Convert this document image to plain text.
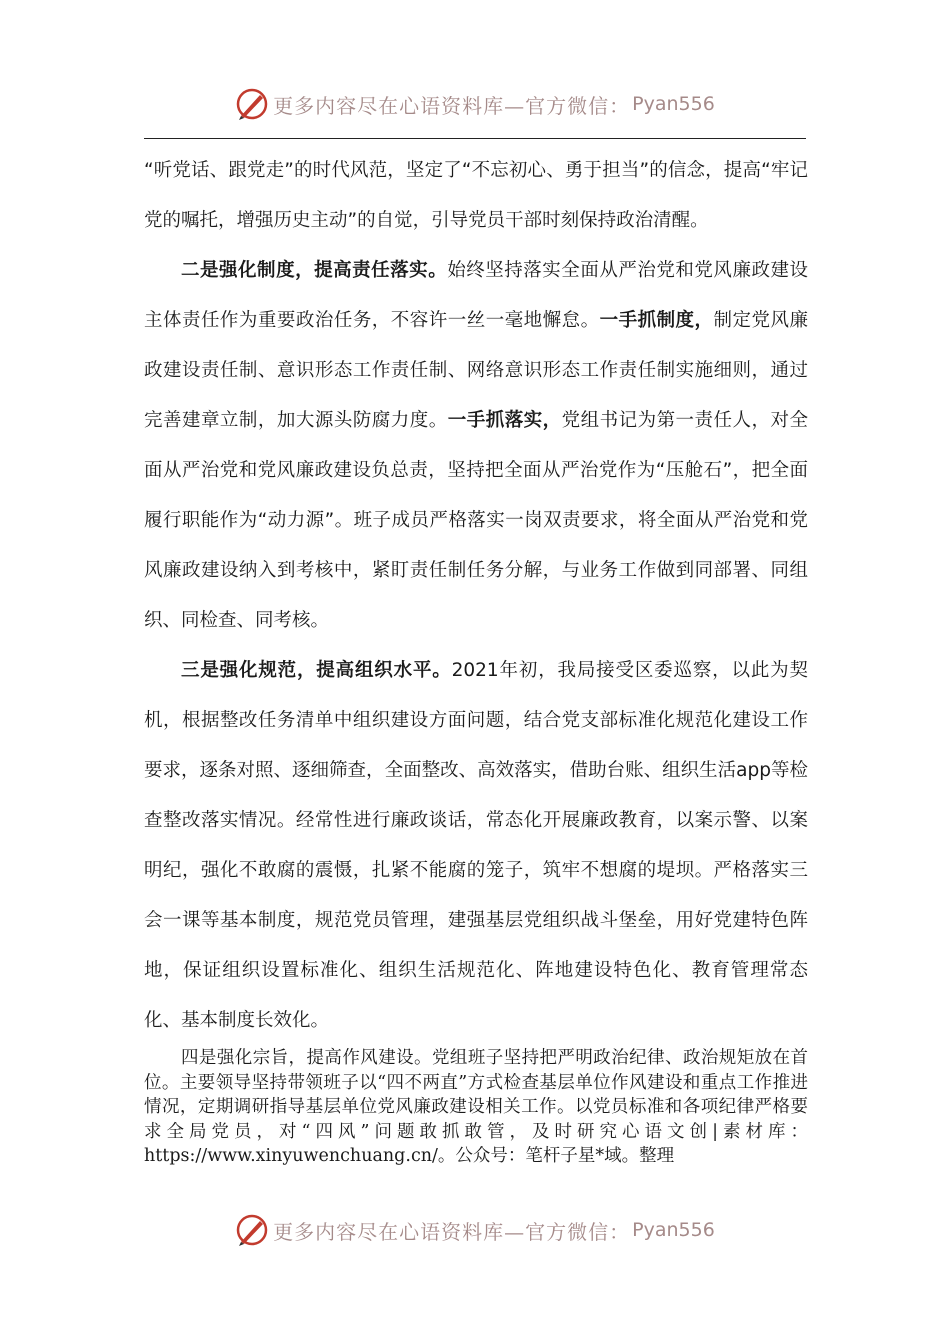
更多内容尽在心语资料库—官方微信： Pyan556

“听党话、跟党走”的时代风范，坚定了“不忘初心、勇于担当”的信念，提高“牢记党的嘱托，增强历史主动”的自觉，引导党员干部时刻保持政治清醒。

二是强化制度，提高责任落实。始终坚持落实全面从严治党和党风廉政建设主体责任作为重要政治任务，不容许一丝一毫地懈怠。一手抓制度，制定党风廉政建设责任制、意识形态工作责任制、网络意识形态工作责任制实施细则，通过完善建章立制，加大源头防腐力度。一手抓落实，党组书记为第一责任人，对全面从严治党和党风廉政建设负总责，坚持把全面从严治党作为“压舱石”，把全面履行职能作为“动力源”。班子成员严格落实一岗双责要求，将全面从严治党和党风廉政建设纳入到考核中，紧盯责任制任务分解，与业务工作做到同部署、同组织、同检查、同考核。

三是强化规范，提高组织水平。2021年初，我局接受区委巡察，以此为契机，根据整改任务清单中组织建设方面问题，结合党支部标准化规范化建设工作要求，逐条对照、逐细筛查，全面整改、高效落实，借助台账、组织生活app等检查整改落实情况。经常性进行廉政谈话，常态化开展廉政教育，以案示警、以案明纪，强化不敢腐的震慑，扎紧不能腐的笼子，筑牢不想腐的堤坝。严格落实三会一课等基本制度，规范党员管理，建强基层党组织战斗堡垒，用好党建特色阵地，保证组织设置标准化、组织生活规范化、阵地建设特色化、教育管理常态化、基本制度长效化。

四是强化宗旨，提高作风建设。党组班子坚持把严明政治纪律、政治规矩放在首位。主要领导坚持带领班子以“四不两直”方式检查基层单位作风建设和重点工作推进情况，定期调研指导基层单位党风廉政建设相关工作。以党员标准和各项纪律严格要求全局党员，对“四风”问题敢抓敢管，及时研究心语文创|素材库：https://www.xinyuwenchuang.cn/。公众号：笔杆子星*域。整理

更多内容尽在心语资料库—官方微信： Pyan556
